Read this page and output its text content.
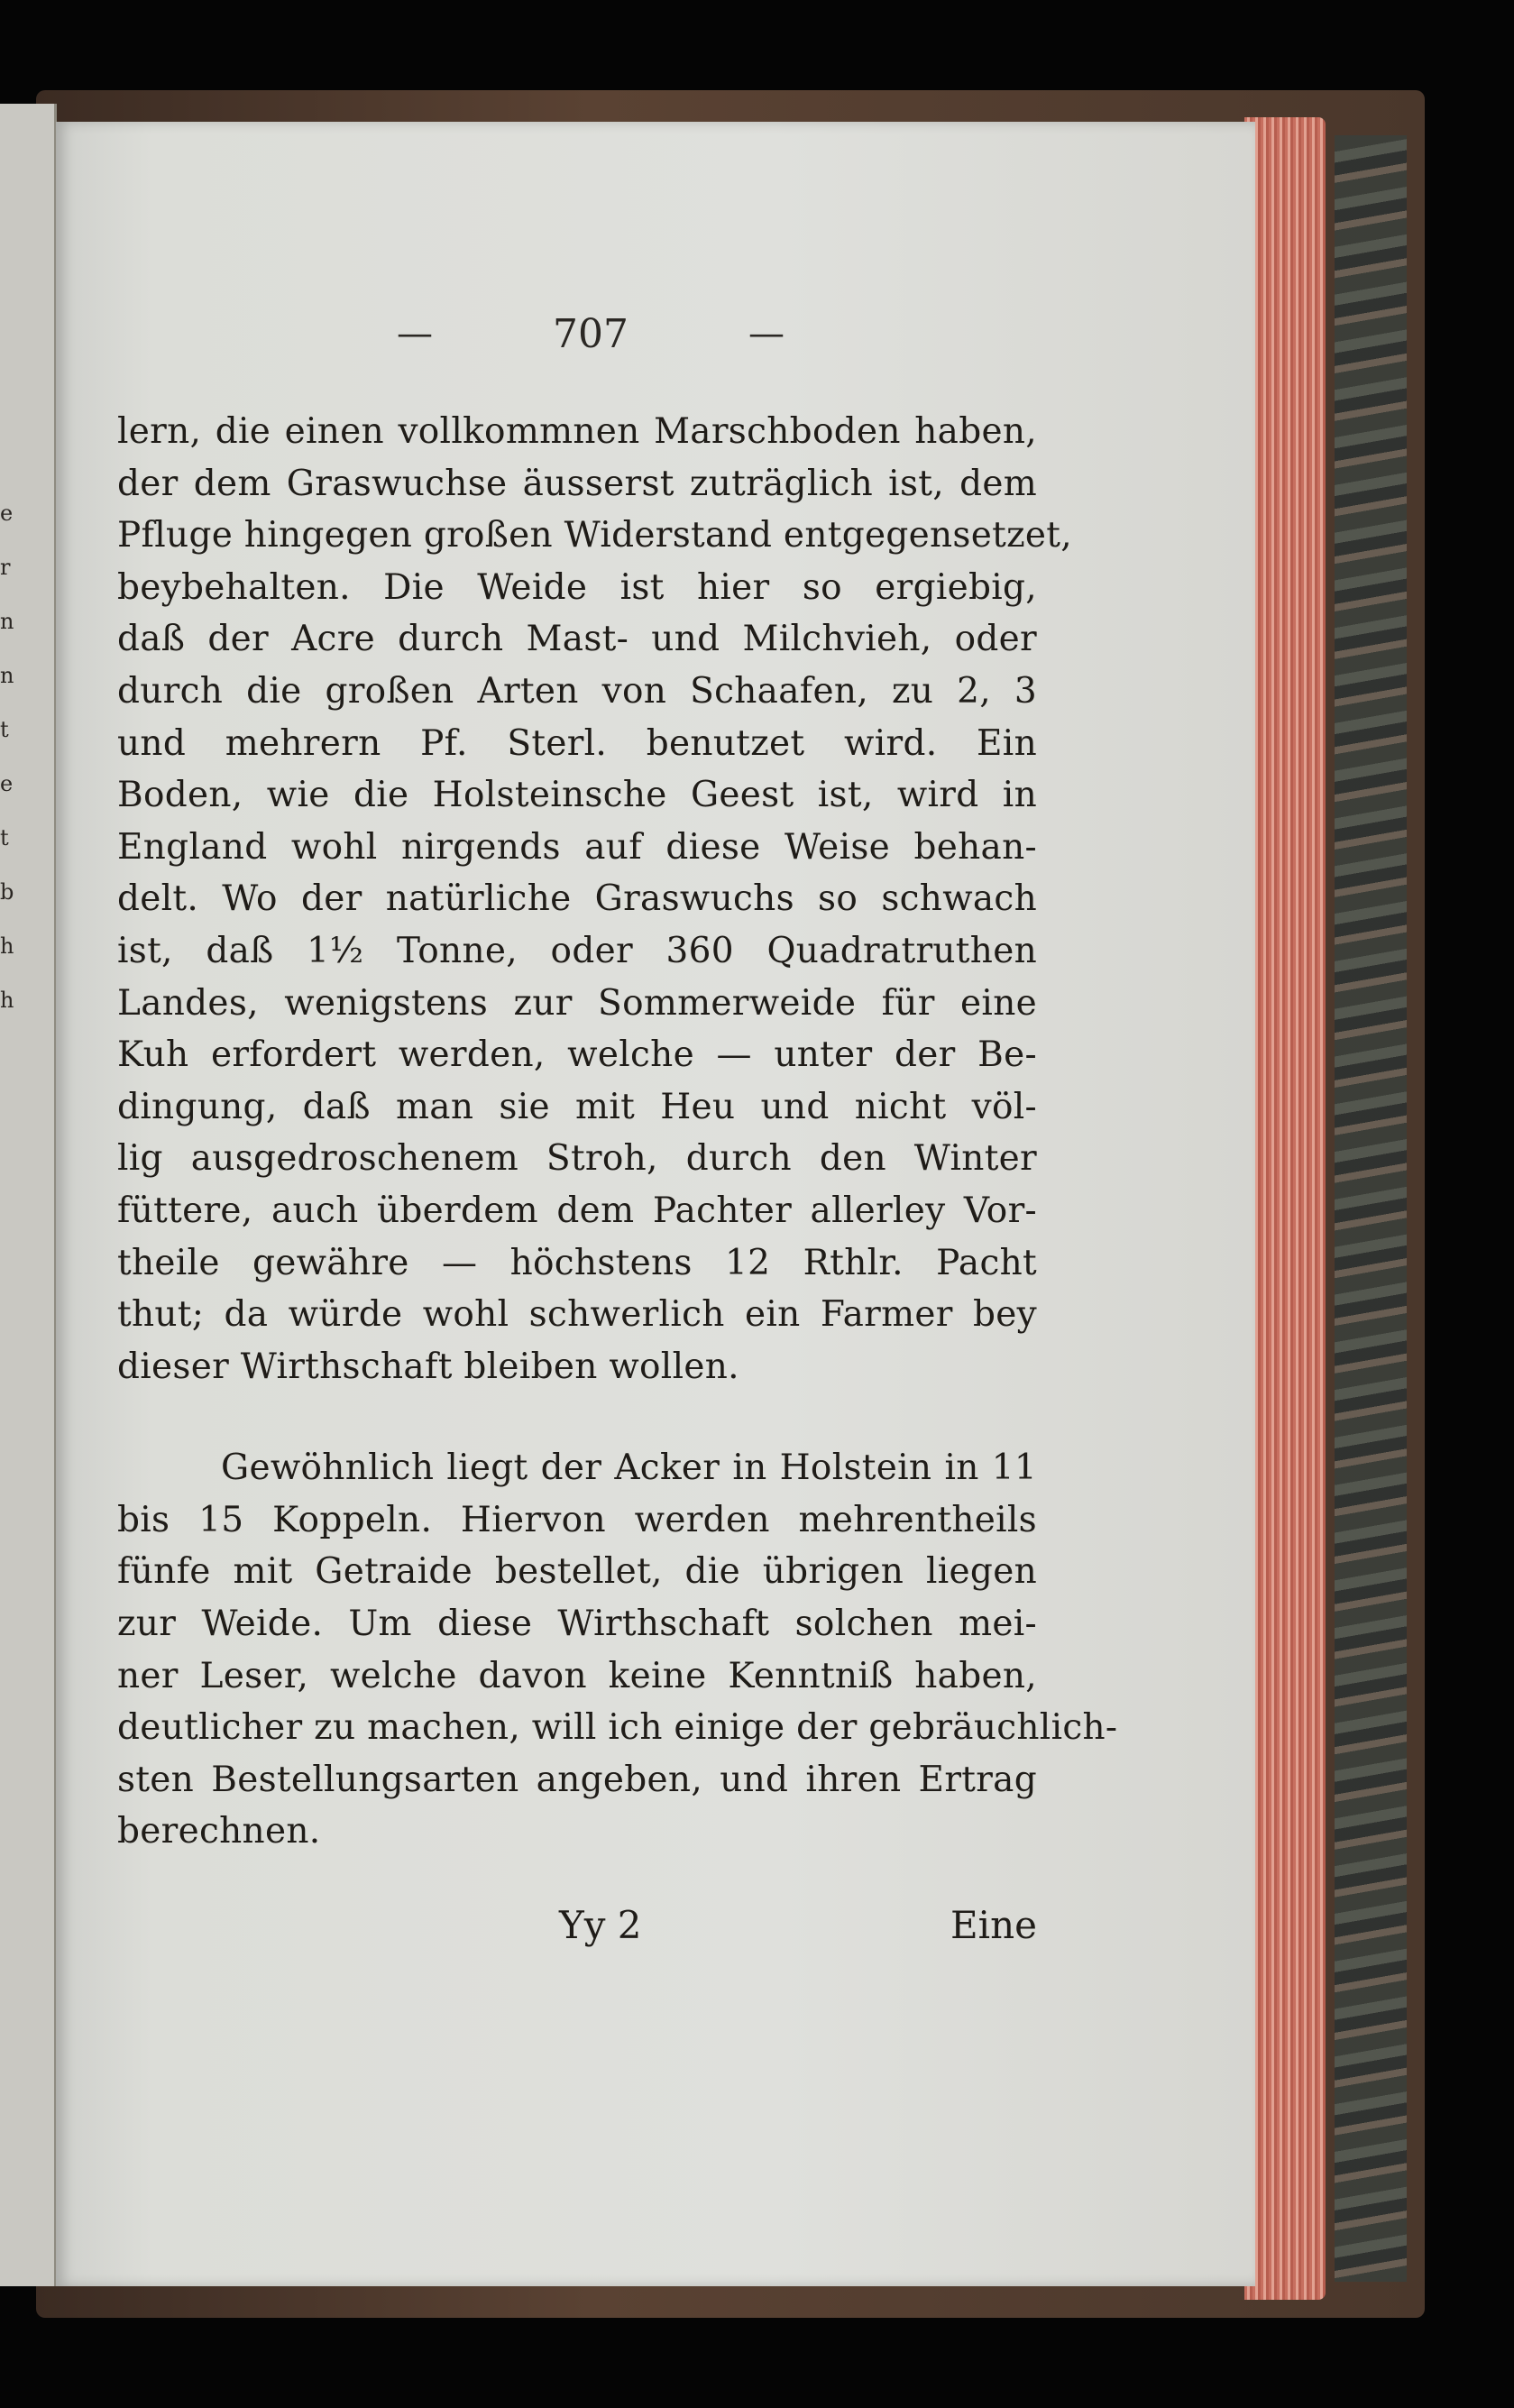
e
r
n
n
t
e
t
b
h
h
—	707	—
lern, die einen vollkommnen Marschboden haben,
der dem Graswuchse äusserst zuträglich ist, dem
Pfluge hingegen großen Widerstand entgegensetzet,
beybehalten. Die Weide ist hier so ergiebig,
daß der Acre durch Mast- und Milchvieh, oder
durch die großen Arten von Schaafen, zu 2, 3
und mehrern Pf. Sterl. benutzet wird. Ein
Boden, wie die Holsteinsche Geest ist, wird in
England wohl nirgends auf diese Weise behan-
delt. Wo der natürliche Graswuchs so schwach
ist, daß 1½ Tonne, oder 360 Quadratruthen
Landes, wenigstens zur Sommerweide für eine
Kuh erfordert werden, welche — unter der Be-
dingung, daß man sie mit Heu und nicht völ-
lig ausgedroschenem Stroh, durch den Winter
füttere, auch überdem dem Pachter allerley Vor-
theile gewähre — höchstens 12 Rthlr. Pacht
thut; da würde wohl schwerlich ein Farmer bey
dieser Wirthschaft bleiben wollen.
Gewöhnlich liegt der Acker in Holstein in 11
bis 15 Koppeln. Hiervon werden mehrentheils
fünfe mit Getraide bestellet, die übrigen liegen
zur Weide. Um diese Wirthschaft solchen mei-
ner Leser, welche davon keine Kenntniß haben,
deutlicher zu machen, will ich einige der gebräuchlich-
sten Bestellungsarten angeben, und ihren Ertrag
berechnen.
Yy 2	Eine
